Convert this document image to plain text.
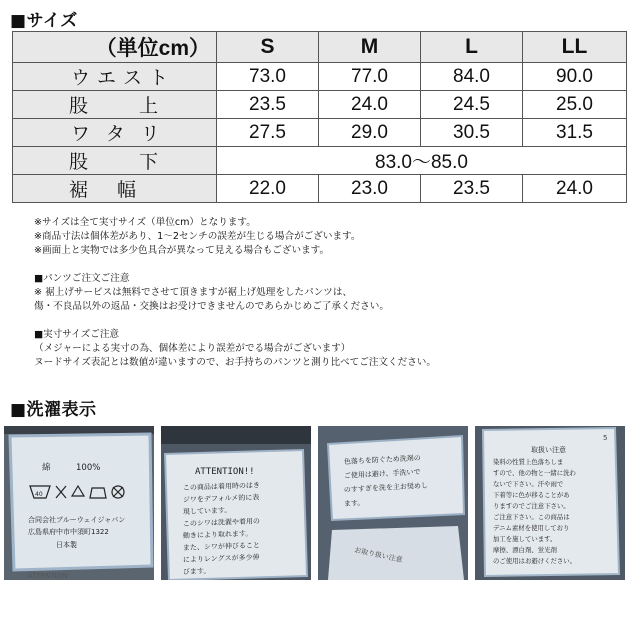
■サイズ
（単位cm）	S	M	L	LL
ウエスト	73.0	77.0	84.0	90.0

股 上	23.5	24.0	24.5	25.0
ワタリ	27.5	29.0	30.5	31.5

股 下	83.0～85.0			

裾 幅	22.0	23.0	23.5	24.0
※サイズは全て実寸サイズ（単位cm）となります。
※商品寸法は個体差があり、1～2センチの誤差が生じる場合がございます。
※画面上と実物では多少色具合が異なって見える場合もございます。
■パンツご注文ご注意
※ 裾上げサービスは無料でさせて頂きますが裾上げ処理をしたパンツは、
傷・不良品以外の返品・交換はお受けできませんのであらかじめご了承ください。
■実寸サイズご注意
（メジャーによる実寸の為、個体差により誤差がでる場合がございます）
ヌードサイズ表記とは数値が違いますので、お手持ちのパンツと測り比べてご注文ください。
■洗濯表示
綿　　　100%
40
合同会社ブルーウェイジャパン
広島県府中市中須町1322
日本製
ATTENTION
ATTENTION!!
この商品は着用時のはき
ジワをデフォルメ的に表
現しています。
このシワは洗濯や着用の
動きにより取れます。
また、シワが伸びること
によりレングスが多少伸
びます。
色落ちを防ぐため洗剤の
ご使用は避け、手洗いで
のすすぎを洗を主お奨めし
ます。
お取り扱い注意
5
取扱い注意
染料の性質上色落ちしま
すので、他の物と一緒に洗わ
ないで下さい。汗や雨で
下着等に色が移ることがあ
りますのでご注意下さい。
ご注意下さい。この商品は
デニム素材を使用しており
加工を施しています。
摩擦、漂白剤、蛍光剤
のご使用はお避けください。
